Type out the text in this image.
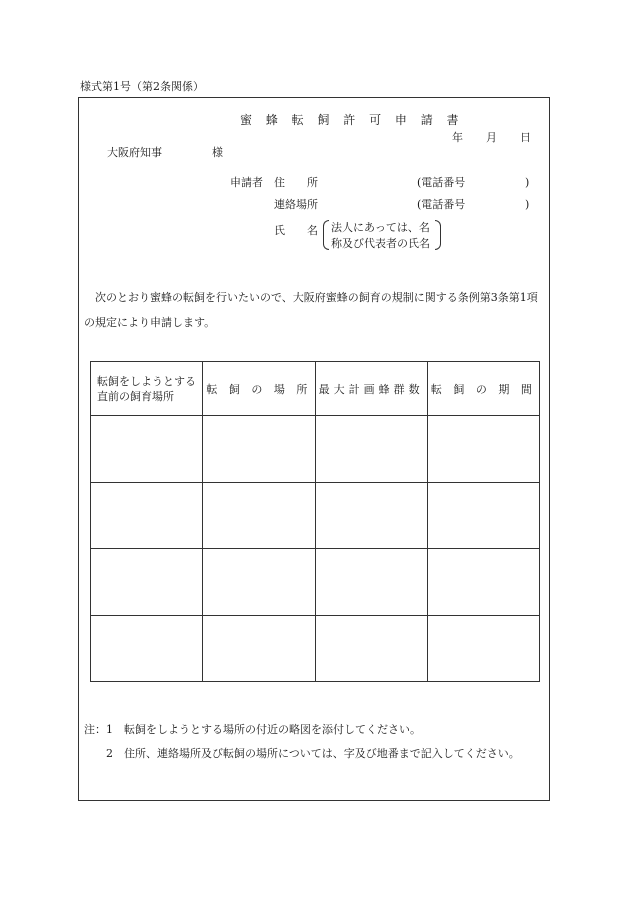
様式第1号（第2条関係）
蜜 蜂 転 飼 許 可 申 請 書
年 月 日
大阪府知事	様
申請者 住　　所	(電話番号	)
連絡場所	(電話番号	)
氏　　名 法人にあっては、名
称及び代表者の氏名
次のとおり蜜蜂の転飼を行いたいので、大阪府蜜蜂の飼育の規制に関する条例第3条第1項の規定により申請します。
転飼をしようとする直前の飼育場所	転 飼 の 場 所	最大計画蜂群数	転 飼 の 期 間

注：1　転飼をしようとする場所の付近の略図を添付してください。
2　住所、連絡場所及び転飼の場所については、字及び地番まで記入してください。
